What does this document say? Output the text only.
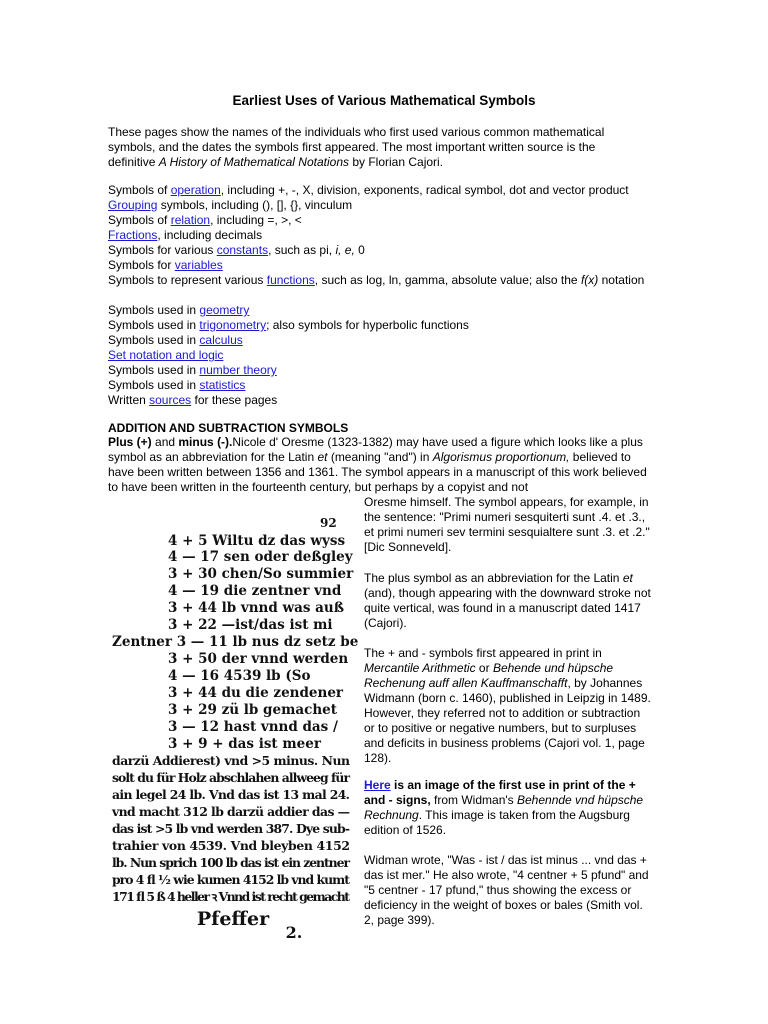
Earliest Uses of Various Mathematical Symbols

These pages show the names of the individuals who first used various common mathematical symbols, and the dates the symbols first appeared. The most important written source is the definitive A History of Mathematical Notations by Florian Cajori.

Symbols of operation, including +, -, X, division, exponents, radical symbol, dot and vector product
Grouping symbols, including (), [], {}, vinculum
Symbols of relation, including =, >, <
Fractions, including decimals
Symbols for various constants, such as pi, i, e, 0
Symbols for variables
Symbols to represent various functions, such as log, ln, gamma, absolute value; also the f(x) notation
Symbols used in geometry
Symbols used in trigonometry; also symbols for hyperbolic functions
Symbols used in calculus
Set notation and logic
Symbols used in number theory
Symbols used in statistics
Written sources for these pages

ADDITION AND SUBTRACTION SYMBOLS

Plus (+) and minus (-).Nicole d' Oresme (1323-1382) may have used a figure which looks like a plus symbol as an abbreviation for the Latin et (meaning "and") in Algorismus proportionum, believed to have been written between 1356 and 1361. The symbol appears in a manuscript of this work believed to have been written in the fourteenth century, but perhaps by a copyist and not

Oresme himself. The symbol appears, for example, in the sentence: "Primi numeri sesquiterti sunt .4. et .3., et primi numeri sev termini sesquialtere sunt .3. et .2." [Dic Sonneveld].

The plus symbol as an abbreviation for the Latin et (and), though appearing with the downward stroke not quite vertical, was found in a manuscript dated 1417 (Cajori).

The + and - symbols first appeared in print in Mercantile Arithmetic or Behende und hüpsche Rechenung auff allen Kauffmanschafft, by Johannes Widmann (born c. 1460), published in Leipzig in 1489. However, they referred not to addition or subtraction or to positive or negative numbers, but to surpluses and deficits in business problems (Cajori vol. 1, page 128).

Here is an image of the first use in print of the + and - signs, from Widman's Behennde vnd hüpsche Rechnung. This image is taken from the Augsburg edition of 1526.

Widman wrote, "Was - ist / das ist minus ... vnd das + das ist mer." He also wrote, "4 centner + 5 pfund" and "5 centner - 17 pfund," thus showing the excess or deficiency in the weight of boxes or bales (Smith vol. 2, page 399).

92
4 + 5 Wiltu dz das wyss
4 — 17 sen oder deßgley
3 + 30 chen/So summier
4 — 19 die zentner vnd
3 + 44 lb vnnd was auß
3 + 22 —ist/das ist mi
Zentner 3 — 11 lb nus dz setz beson
3 + 50 der vnnd werden
4 — 16 4539 lb (So
3 + 44 du die zendener
3 + 29 zü lb gemachet
3 — 12 hast vnnd das /
3 + 9 + das ist meer
darzü Addierest) vnd >5 minus. Nun
solt du für Holz abschlahen allweeg für
ain legel 24 lb. Vnd das ist 13 mal 24.
vnd macht 312 lb darzü addier das —
das ist >5 lb vnd werden 387. Dye sub-
trahier von 4539. Vnd bleyben 4152
lb. Nun sprich 100 lb das ist ein zentner
pro 4 fl ½ wie kumen 4152 lb vnd kumt
171 fl 5 ß 4 heller ꝛ Vnnd ist recht gemacht
Pfeffer
2.
